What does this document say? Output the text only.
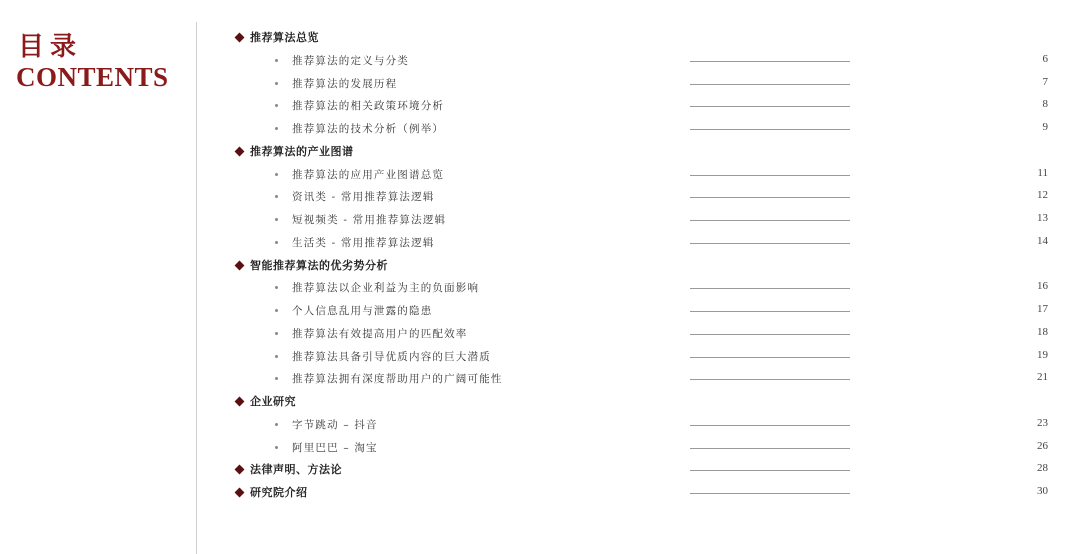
目录
CONTENTS
推荐算法总览
推荐算法的定义与分类	6
推荐算法的发展历程	7
推荐算法的相关政策环境分析	8
推荐算法的技术分析（例举）	9
推荐算法的产业图谱
推荐算法的应用产业图谱总览	11
资讯类 - 常用推荐算法逻辑	12
短视频类 - 常用推荐算法逻辑	13
生活类 - 常用推荐算法逻辑	14
智能推荐算法的优劣势分析
推荐算法以企业利益为主的负面影响	16
个人信息乱用与泄露的隐患	17
推荐算法有效提高用户的匹配效率	18
推荐算法具备引导优质内容的巨大潜质	19
推荐算法拥有深度帮助用户的广阔可能性	21
企业研究
字节跳动 – 抖音	23
阿里巴巴 – 淘宝	26
法律声明、方法论	28
研究院介绍	30
